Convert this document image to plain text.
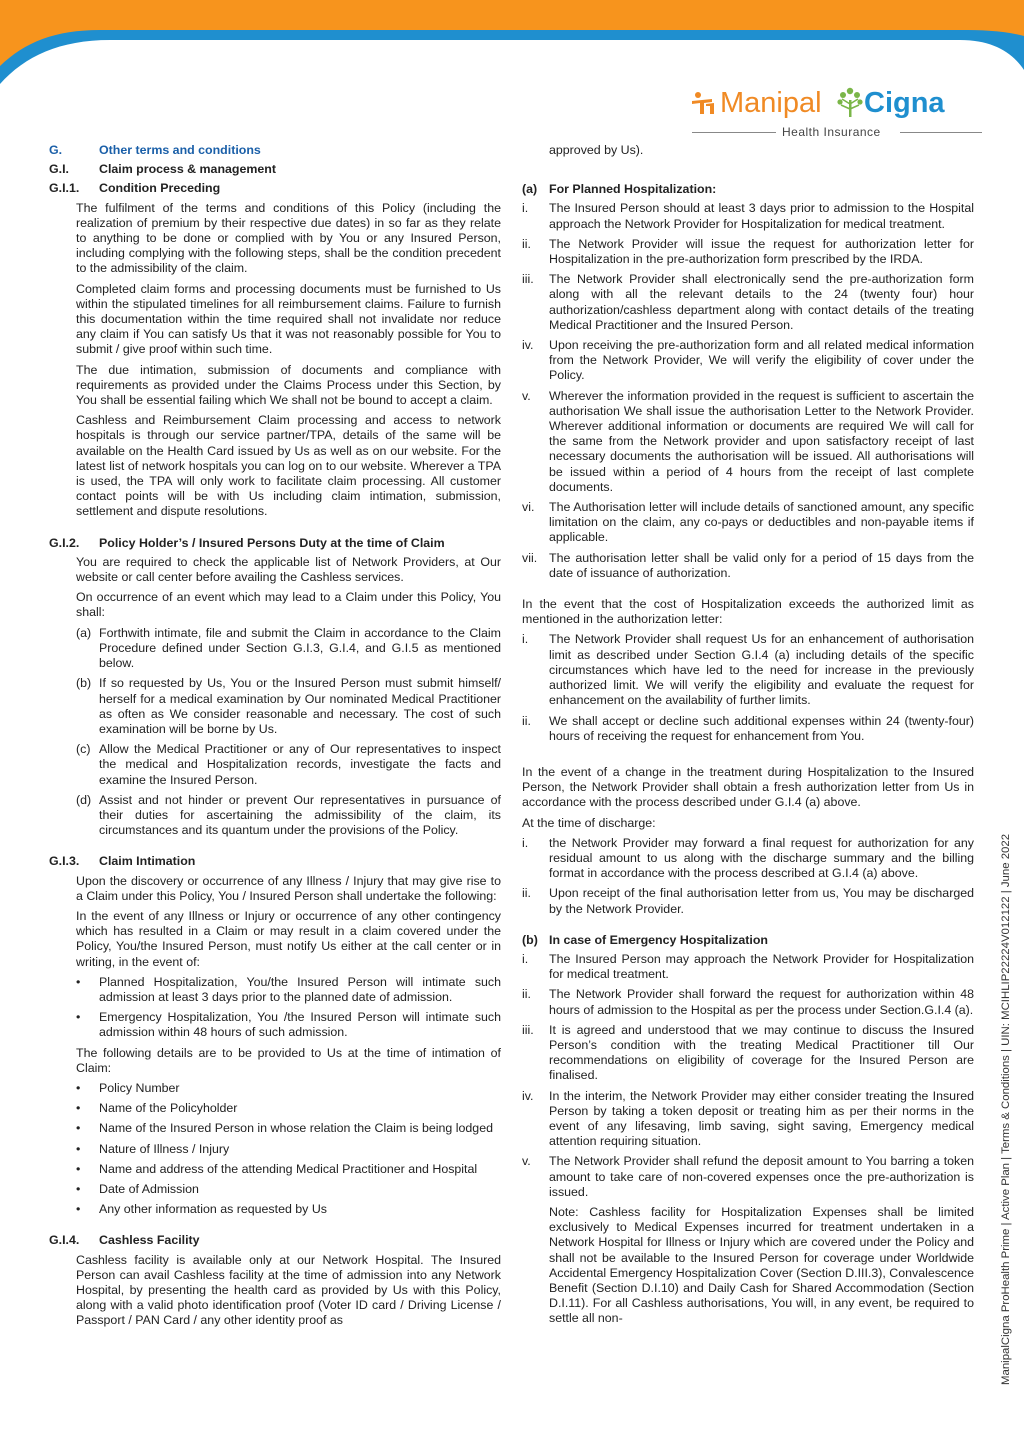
Manipal Cigna
Health Insurance
G.	Other terms and conditions
G.I. Claim process & management
G.I.1. Condition Preceding
The fulfilment of the terms and conditions of this Policy (including the realization of premium by their respective due dates) in so far as they relate to anything to be done or complied with by You or any Insured Person, including complying with the following steps, shall be the condition precedent to the admissibility of the claim.
Completed claim forms and processing documents must be furnished to Us within the stipulated timelines for all reimbursement claims. Failure to furnish this documentation within the time required shall not invalidate nor reduce any claim if You can satisfy Us that it was not reasonably possible for You to submit / give proof within such time.
The due intimation, submission of documents and compliance with requirements as provided under the Claims Process under this Section, by You shall be essential failing which We shall not be bound to accept a claim.
Cashless and Reimbursement Claim processing and access to network hospitals is through our service partner/TPA, details of the same will be available on the Health Card issued by Us as well as on our website. For the latest list of network hospitals you can log on to our website. Wherever a TPA is used, the TPA will only work to facilitate claim processing. All customer contact points will be with Us including claim intimation, submission, settlement and dispute resolutions.
G.I.2. Policy Holder’s / Insured Persons Duty at the time of Claim
You are required to check the applicable list of Network Providers, at Our website or call center before availing the Cashless services.
On occurrence of an event which may lead to a Claim under this Policy, You shall:
(a) Forthwith intimate, file and submit the Claim in accordance to the Claim Procedure defined under Section G.I.3, G.I.4, and G.I.5 as mentioned below.
(b) If so requested by Us, You or the Insured Person must submit himself/ herself for a medical examination by Our nominated Medical Practitioner as often as We consider reasonable and necessary. The cost of such examination will be borne by Us.
(c) Allow the Medical Practitioner or any of Our representatives to inspect the medical and Hospitalization records, investigate the facts and examine the Insured Person.
(d) Assist and not hinder or prevent Our representatives in pursuance of their duties for ascertaining the admissibility of the claim, its circumstances and its quantum under the provisions of the Policy.
G.I.3. Claim Intimation
Upon the discovery or occurrence of any Illness / Injury that may give rise to a Claim under this Policy, You / Insured Person shall undertake the following:
In the event of any Illness or Injury or occurrence of any other contingency which has resulted in a Claim or may result in a claim covered under the Policy, You/the Insured Person, must notify Us either at the call center or in writing, in the event of:
• Planned Hospitalization, You/the Insured Person will intimate such admission at least 3 days prior to the planned date of admission.
• Emergency Hospitalization, You /the Insured Person will intimate such admission within 48 hours of such admission.
The following details are to be provided to Us at the time of intimation of Claim:
• Policy Number
• Name of the Policyholder
• Name of the Insured Person in whose relation the Claim is being lodged
• Nature of Illness / Injury
• Name and address of the attending Medical Practitioner and Hospital
• Date of Admission
• Any other information as requested by Us
G.I.4. Cashless Facility
Cashless facility is available only at our Network Hospital. The Insured Person can avail Cashless facility at the time of admission into any Network Hospital, by presenting the health card as provided by Us with this Policy, along with a valid photo identification proof (Voter ID card / Driving License / Passport / PAN Card / any other identity proof as
approved by Us).
(a) For Planned Hospitalization:
i. The Insured Person should at least 3 days prior to admission to the Hospital approach the Network Provider for Hospitalization for medical treatment.
ii. The Network Provider will issue the request for authorization letter for Hospitalization in the pre-authorization form prescribed by the IRDA.
iii. The Network Provider shall electronically send the pre-authorization form along with all the relevant details to the 24 (twenty four) hour authorization/cashless department along with contact details of the treating Medical Practitioner and the Insured Person.
iv. Upon receiving the pre-authorization form and all related medical information from the Network Provider, We will verify the eligibility of cover under the Policy.
v. Wherever the information provided in the request is sufficient to ascertain the authorisation We shall issue the authorisation Letter to the Network Provider. Wherever additional information or documents are required We will call for the same from the Network provider and upon satisfactory receipt of last necessary documents the authorisation will be issued. All authorisations will be issued within a period of 4 hours from the receipt of last complete documents.
vi. The Authorisation letter will include details of sanctioned amount, any specific limitation on the claim, any co-pays or deductibles and non-payable items if applicable.
vii. The authorisation letter shall be valid only for a period of 15 days from the date of issuance of authorization.
In the event that the cost of Hospitalization exceeds the authorized limit as mentioned in the authorization letter:
i. The Network Provider shall request Us for an enhancement of authorisation limit as described under Section G.I.4 (a) including details of the specific circumstances which have led to the need for increase in the previously authorized limit. We will verify the eligibility and evaluate the request for enhancement on the availability of further limits.
ii. We shall accept or decline such additional expenses within 24 (twenty-four) hours of receiving the request for enhancement from You.
In the event of a change in the treatment during Hospitalization to the Insured Person, the Network Provider shall obtain a fresh authorization letter from Us in accordance with the process described under G.I.4 (a) above.
At the time of discharge:
i. the Network Provider may forward a final request for authorization for any residual amount to us along with the discharge summary and the billing format in accordance with the process described at G.I.4 (a) above.
ii. Upon receipt of the final authorisation letter from us, You may be discharged by the Network Provider.
(b) In case of Emergency Hospitalization
i. The Insured Person may approach the Network Provider for Hospitalization for medical treatment.
ii. The Network Provider shall forward the request for authorization within 48 hours of admission to the Hospital as per the process under Section.G.I.4 (a).
iii. It is agreed and understood that we may continue to discuss the Insured Person’s condition with the treating Medical Practitioner till Our recommendations on eligibility of coverage for the Insured Person are finalised.
iv. In the interim, the Network Provider may either consider treating the Insured Person by taking a token deposit or treating him as per their norms in the event of any lifesaving, limb saving, sight saving, Emergency medical attention requiring situation.
v. The Network Provider shall refund the deposit amount to You barring a token amount to take care of non-covered expenses once the pre-authorization is issued.
Note: Cashless facility for Hospitalization Expenses shall be limited exclusively to Medical Expenses incurred for treatment undertaken in a Network Hospital for Illness or Injury which are covered under the Policy and shall not be available to the Insured Person for coverage under Worldwide Accidental Emergency Hospitalization Cover (Section D.III.3), Convalescence Benefit (Section D.I.10) and Daily Cash for Shared Accommodation (Section D.I.11). For all Cashless authorisations, You will, in any event, be required to settle all non-	ManipalCigna ProHealth Prime | Active Plan | Terms & Conditions | UIN: MCIHLIP22224V012122 | June 2022
